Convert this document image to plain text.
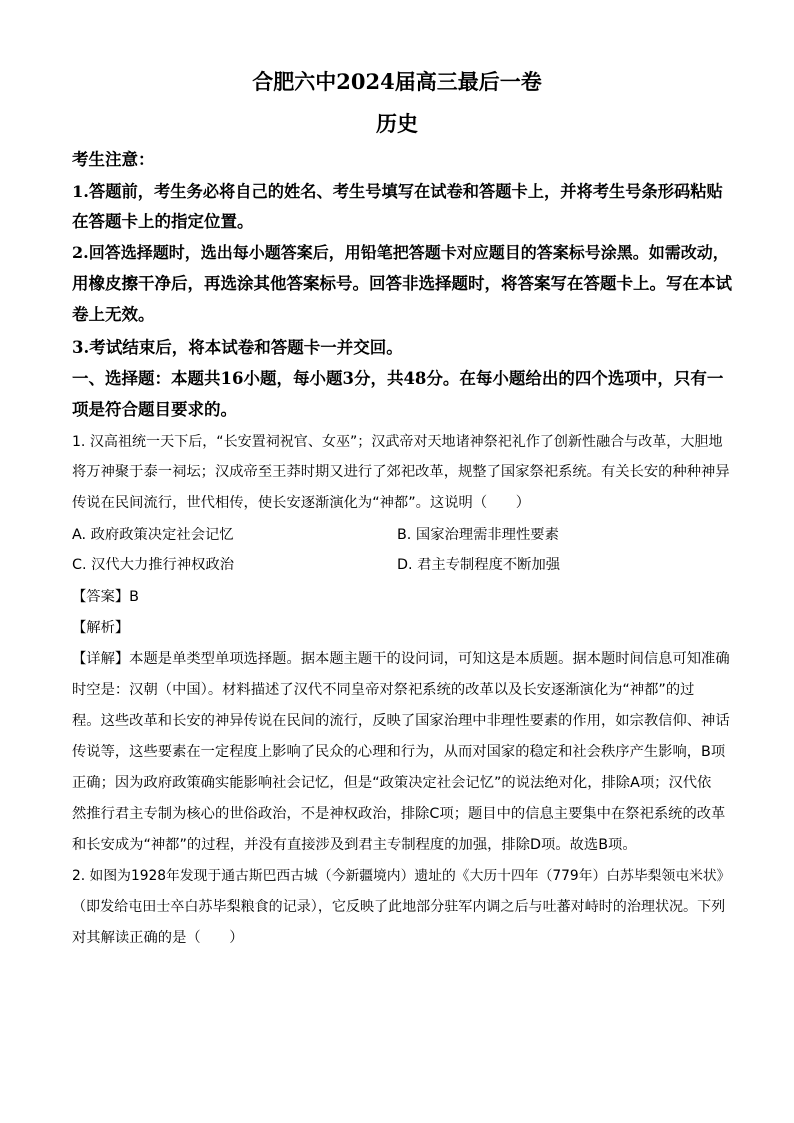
合肥六中2024届高三最后一卷
历史
考生注意：
1.答题前，考生务必将自己的姓名、考生号填写在试卷和答题卡上，并将考生号条形码粘贴
在答题卡上的指定位置。
2.回答选择题时，选出每小题答案后，用铅笔把答题卡对应题目的答案标号涂黑。如需改动，
用橡皮擦干净后，再选涂其他答案标号。回答非选择题时，将答案写在答题卡上。写在本试
卷上无效。
3.考试结束后，将本试卷和答题卡一并交回。
一、选择题：本题共16小题，每小题3分，共48分。在每小题给出的四个选项中，只有一
项是符合题目要求的。
1. 汉高祖统一天下后，“长安置祠祝官、女巫”；汉武帝对天地诸神祭祀礼作了创新性融合与改革，大胆地
将万神聚于泰一祠坛；汉成帝至王莽时期又进行了郊祀改革，规整了国家祭祀系统。有关长安的种种神异
传说在民间流行，世代相传，使长安逐渐演化为“神都”。这说明（　　）
A. 政府政策决定社会记忆	B. 国家治理需非理性要素
C. 汉代大力推行神权政治	D. 君主专制程度不断加强
【答案】B
【解析】
【详解】本题是单类型单项选择题。据本题主题干的设问词，可知这是本质题。据本题时间信息可知准确
时空是：汉朝（中国）。材料描述了汉代不同皇帝对祭祀系统的改革以及长安逐渐演化为“神都”的过
程。这些改革和长安的神异传说在民间的流行，反映了国家治理中非理性要素的作用，如宗教信仰、神话
传说等，这些要素在一定程度上影响了民众的心理和行为，从而对国家的稳定和社会秩序产生影响，B项
正确；因为政府政策确实能影响社会记忆，但是“政策决定社会记忆”的说法绝对化，排除A项；汉代依
然推行君主专制为核心的世俗政治，不是神权政治，排除C项；题目中的信息主要集中在祭祀系统的改革
和长安成为“神都”的过程，并没有直接涉及到君主专制程度的加强，排除D项。故选B项。
2. 如图为1928年发现于通古斯巴西古城（今新疆境内）遗址的《大历十四年（779年）白苏毕梨领屯米状》
（即发给屯田士卒白苏毕梨粮食的记录），它反映了此地部分驻军内调之后与吐蕃对峙时的治理状况。下列
对其解读正确的是（　　）
